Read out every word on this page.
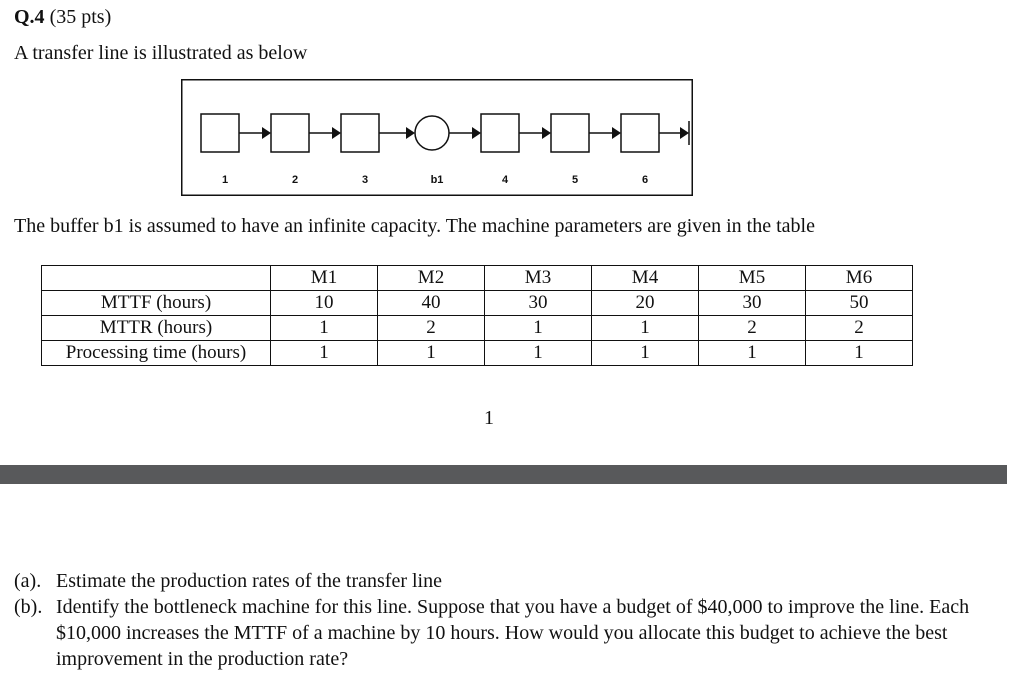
Q.4 (35 pts)
A transfer line is illustrated as below
1	2	3	b1	4	5	6
The buffer b1 is assumed to have an infinite capacity. The machine parameters are given in the table
	M1	M2	M3	M4	M5	M6
MTTF (hours)	10	40	30	20	30	50
MTTR (hours)	1	2	1	1	2	2
Processing time (hours)	1	1	1	1	1	1
1
(a). Estimate the production rates of the transfer line
(b). Identify the bottleneck machine for this line. Suppose that you have a budget of $40,000 to improve the line. Each $10,000 increases the MTTF of a machine by 10 hours. How would you allocate this budget to achieve the best improvement in the production rate?
